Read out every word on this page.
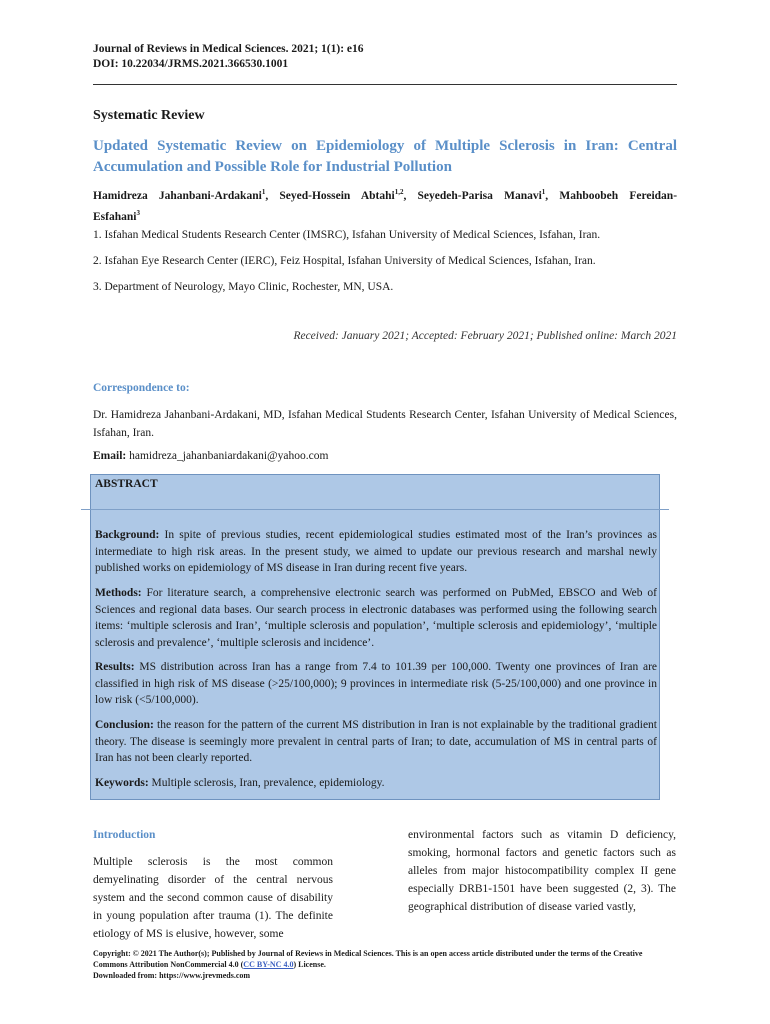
Journal of Reviews in Medical Sciences. 2021; 1(1): e16
DOI: 10.22034/JRMS.2021.366530.1001
Systematic Review
Updated Systematic Review on Epidemiology of Multiple Sclerosis in Iran: Central Accumulation and Possible Role for Industrial Pollution
Hamidreza Jahanbani-Ardakani$^1$, Seyed-Hossein Abtahi$^{1,2}$, Seyedeh-Parisa Manavi$^1$, Mahboobeh Fereidan-Esfahani$^3$
1. Isfahan Medical Students Research Center (IMSRC), Isfahan University of Medical Sciences, Isfahan, Iran.
2. Isfahan Eye Research Center (IERC), Feiz Hospital, Isfahan University of Medical Sciences, Isfahan, Iran.
3. Department of Neurology, Mayo Clinic, Rochester, MN, USA.
Received: January 2021; Accepted: February 2021; Published online: March 2021
Correspondence to:
Dr. Hamidreza Jahanbani-Ardakani, MD, Isfahan Medical Students Research Center, Isfahan University of Medical Sciences, Isfahan, Iran.
Email: hamidreza_jahanbaniardakani@yahoo.com
ABSTRACT
Background: In spite of previous studies, recent epidemiological studies estimated most of the Iran’s provinces as intermediate to high risk areas. In the present study, we aimed to update our previous research and marshal newly published works on epidemiology of MS disease in Iran during recent five years.
Methods: For literature search, a comprehensive electronic search was performed on PubMed, EBSCO and Web of Sciences and regional data bases. Our search process in electronic databases was performed using the following search items: ‘multiple sclerosis and Iran’, ‘multiple sclerosis and population’, ‘multiple sclerosis and epidemiology’, ‘multiple sclerosis and prevalence’, ‘multiple sclerosis and incidence’.
Results: MS distribution across Iran has a range from 7.4 to 101.39 per 100,000. Twenty one provinces of Iran are classified in high risk of MS disease (>25/100,000); 9 provinces in intermediate risk (5-25/100,000) and one province in low risk (<5/100,000).
Conclusion: the reason for the pattern of the current MS distribution in Iran is not explainable by the traditional gradient theory. The disease is seemingly more prevalent in central parts of Iran; to date, accumulation of MS in central parts of Iran has not been clearly reported.
Keywords: Multiple sclerosis, Iran, prevalence, epidemiology.
Introduction
Multiple sclerosis is the most common demyelinating disorder of the central nervous system and the second common cause of disability in young population after trauma (1). The definite etiology of MS is elusive, however, some
environmental factors such as vitamin D deficiency, smoking, hormonal factors and genetic factors such as alleles from major histocompatibility complex II gene especially DRB1-1501 have been suggested (2, 3). The geographical distribution of disease varied vastly,
Copyright: © 2021 The Author(s); Published by Journal of Reviews in Medical Sciences. This is an open access article distributed under the terms of the Creative Commons Attribution NonCommercial 4.0 (CC BY-NC 4.0) License.
Downloaded from: https://www.jrevmeds.com
